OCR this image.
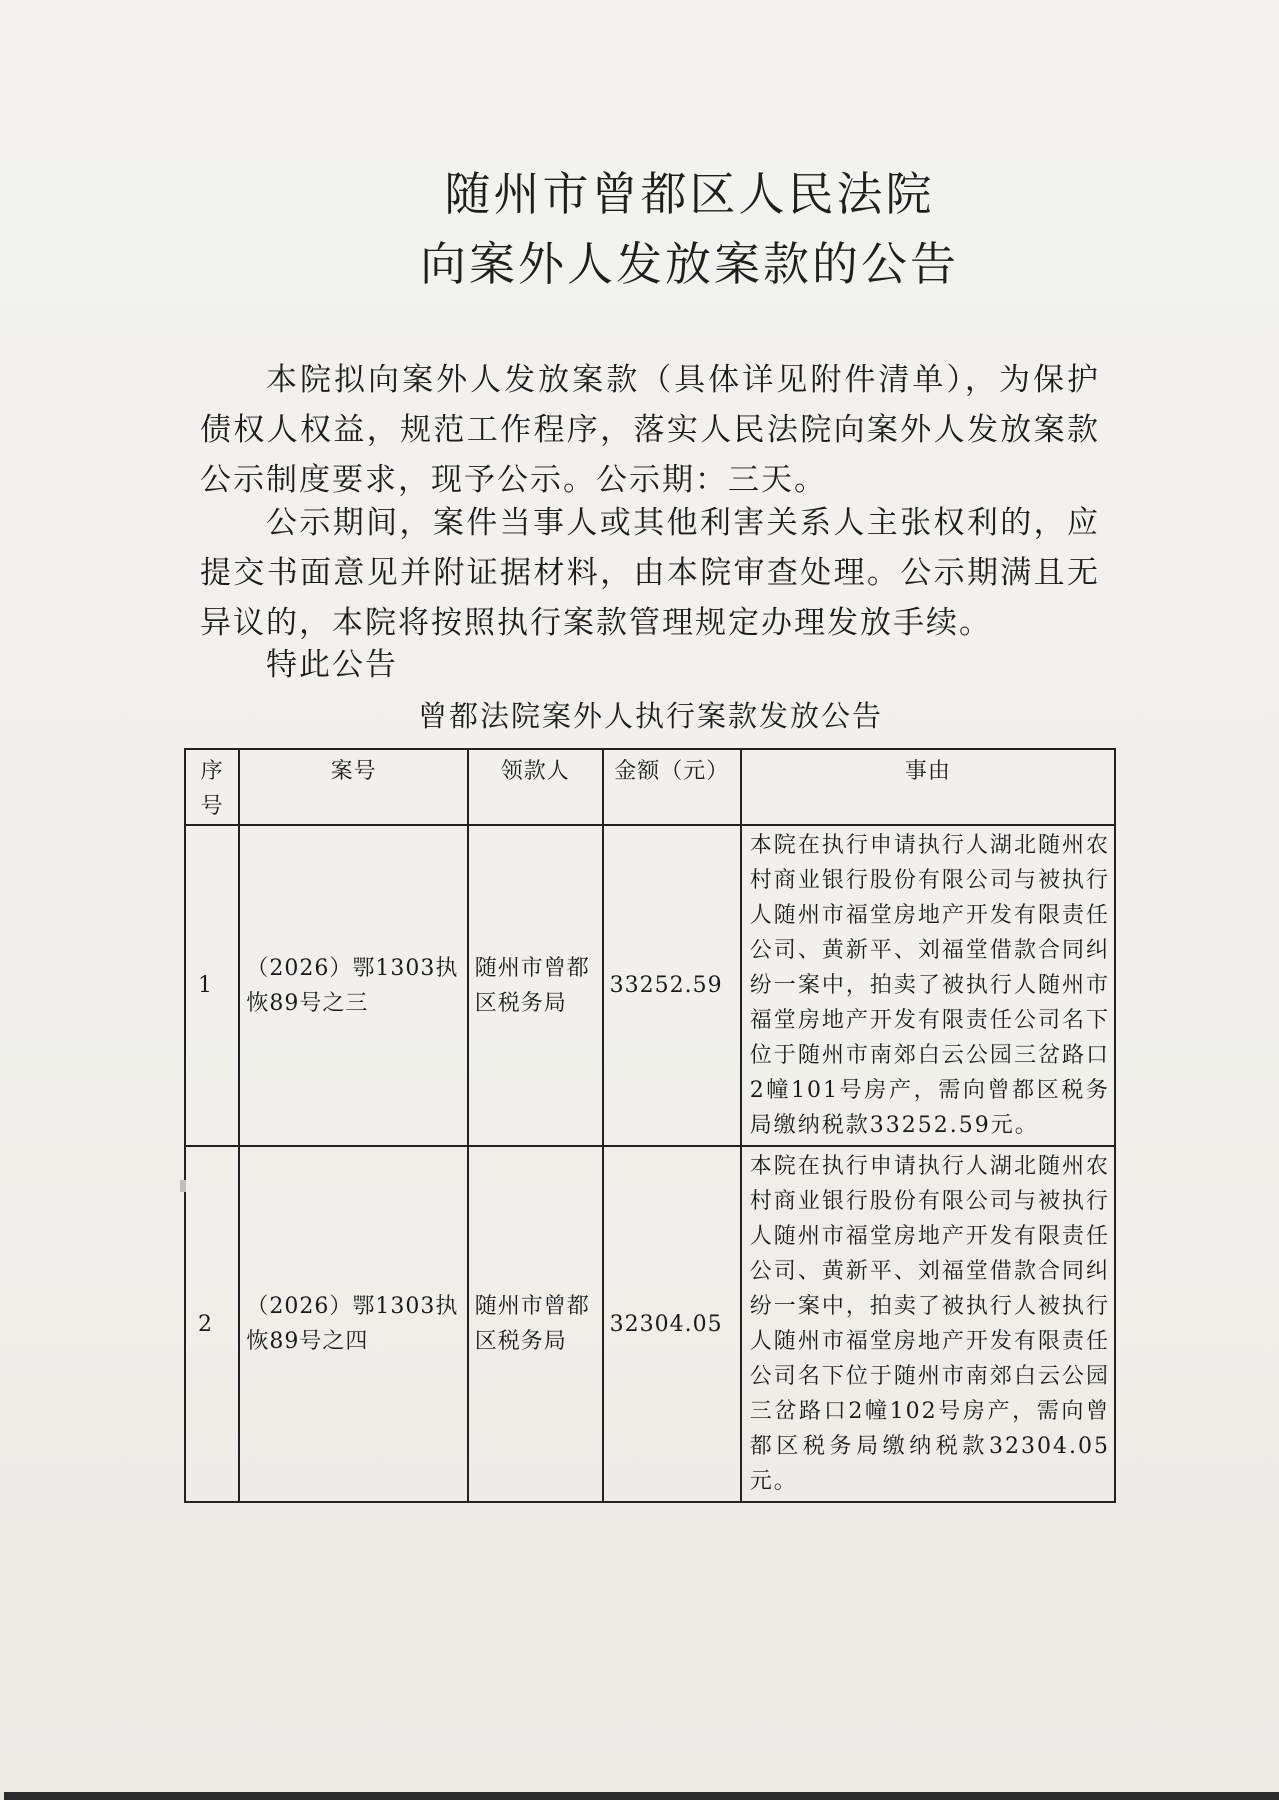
随州市曾都区人民法院
向案外人发放案款的公告
本院拟向案外人发放案款（具体详见附件清单），为保护债权人权益，规范工作程序，落实人民法院向案外人发放案款公示制度要求，现予公示。公示期：三天。
公示期间，案件当事人或其他利害关系人主张权利的，应提交书面意见并附证据材料，由本院审查处理。公示期满且无异议的，本院将按照执行案款管理规定办理发放手续。
特此公告
曾都法院案外人执行案款发放公告
序号	案号	领款人	金额（元）	事由
1	（2026）鄂1303执恢89号之三	随州市曾都区税务局	33252.59	本院在执行申请执行人湖北随州农村商业银行股份有限公司与被执行人随州市福堂房地产开发有限责任公司、黄新平、刘福堂借款合同纠纷一案中，拍卖了被执行人随州市福堂房地产开发有限责任公司名下位于随州市南郊白云公园三岔路口2幢101号房产，需向曾都区税务局缴纳税款33252.59元。
2	（2026）鄂1303执恢89号之四	随州市曾都区税务局	32304.05	本院在执行申请执行人湖北随州农村商业银行股份有限公司与被执行人随州市福堂房地产开发有限责任公司、黄新平、刘福堂借款合同纠纷一案中，拍卖了被执行人被执行人随州市福堂房地产开发有限责任公司名下位于随州市南郊白云公园三岔路口2幢102号房产，需向曾都区税务局缴纳税款32304.05元。
